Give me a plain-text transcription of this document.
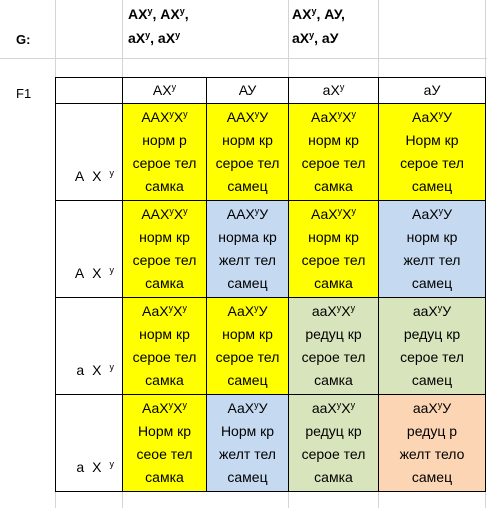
G:
F1
$АХ^у$, $АХ^у$,
$аХ^у$, $аХ^у$
$АХ^у$, АУ,
$аХ^у$, аУ
	$АХ^у$	АУ	$аХ^у$	аУ
А Х $^у$	$ААХ^уХ^у$
норм р
серое тел
самка	$ААХ^уУ$
норм кр
серое тел
самец	$АаХ^уХ^у$
норм кр
серое тел
самка	АаХ$^у$У
Норм кр
серое тел
самец

А Х $^у$	$ААХ^уХ^у$
норм кр
серое тел
самка	$ААХ^уУ$
норма кр
желт тел
самец	$АаХ^уХ^у$
норм кр
серое тел
самка	АаХ$^у$У
норм кр
желт тел
самец

а Х $^у$	$АаХ^уХ^у$
норм кр
серое тел
самка	АаХ$^у$У
норм кр
серое тел
самец	$ааХ^уХ^у$
редуц кр
серое тел
самка	ааХ$^у$У
редуц кр
серое тел
самец

а Х $^у$	$АаХ^уХ^у$
Норм кр
сеое тел
самка	АаХ$^у$У
Норм кр
желт тел
самец	$ааХ^уХ^у$
редуц кр
серое тел
самка	ааХ$^у$У
редуц р
желт тело
самец
